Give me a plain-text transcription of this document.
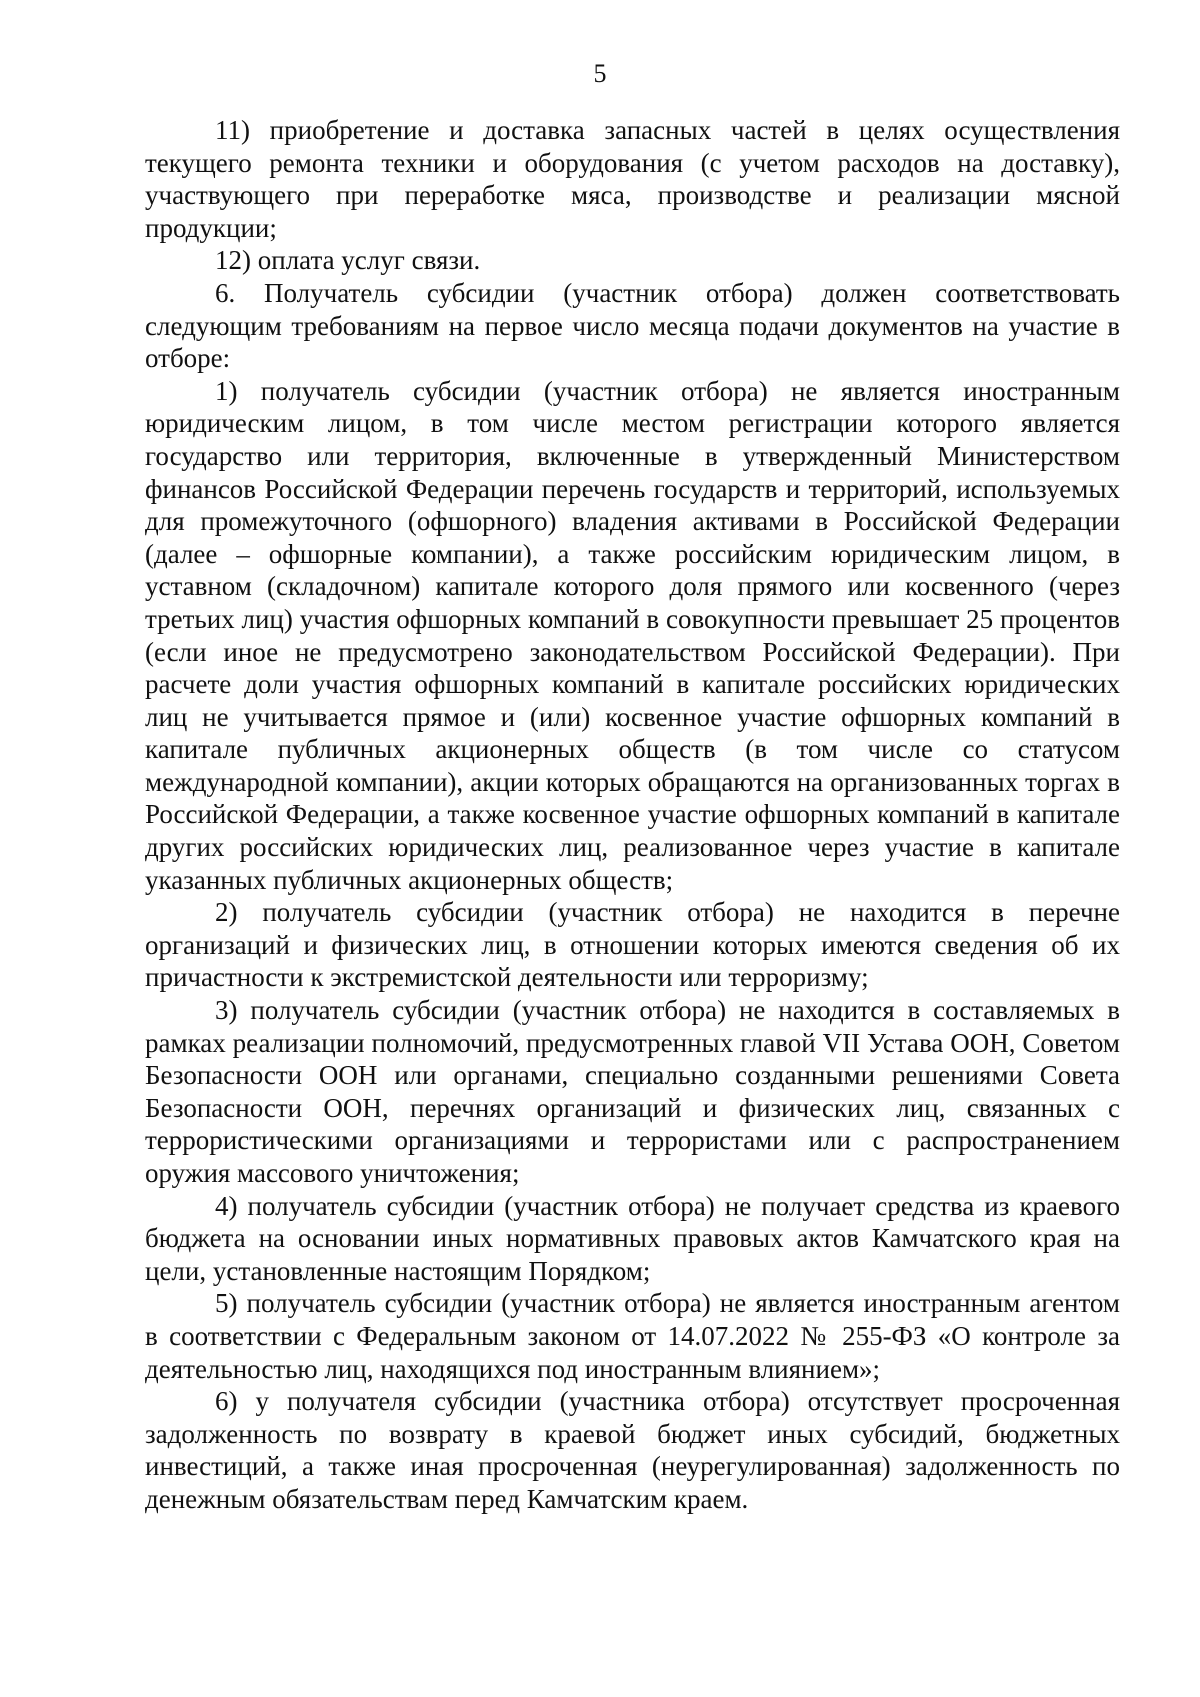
5

11) приобретение и доставка запасных частей в целях осуществления текущего ремонта техники и оборудования (с учетом расходов на доставку), участвующего при переработке мяса, производстве и реализации мясной продукции;

12) оплата услуг связи.

6. Получатель субсидии (участник отбора) должен соответствовать следующим требованиям на первое число месяца подачи документов на участие в отборе:

1) получатель субсидии (участник отбора) не является иностранным юридическим лицом, в том числе местом регистрации которого является государство или территория, включенные в утвержденный Министерством финансов Российской Федерации перечень государств и территорий, используемых для промежуточного (офшорного) владения активами в Российской Федерации (далее – офшорные компании), а также российским юридическим лицом, в уставном (складочном) капитале которого доля прямого или косвенного (через третьих лиц) участия офшорных компаний в совокупности превышает 25 процентов (если иное не предусмотрено законодательством Российской Федерации). При расчете доли участия офшорных компаний в капитале российских юридических лиц не учитывается прямое и (или) косвенное участие офшорных компаний в капитале публичных акционерных обществ (в том числе со статусом международной компании), акции которых обращаются на организованных торгах в Российской Федерации, а также косвенное участие офшорных компаний в капитале других российских юридических лиц, реализованное через участие в капитале указанных публичных акционерных обществ;

2) получатель субсидии (участник отбора) не находится в перечне организаций и физических лиц, в отношении которых имеются сведения об их причастности к экстремистской деятельности или терроризму;

3) получатель субсидии (участник отбора) не находится в составляемых в рамках реализации полномочий, предусмотренных главой VII Устава ООН, Советом Безопасности ООН или органами, специально созданными решениями Совета Безопасности ООН, перечнях организаций и физических лиц, связанных с террористическими организациями и террористами или с распространением оружия массового уничтожения;

4) получатель субсидии (участник отбора) не получает средства из краевого бюджета на основании иных нормативных правовых актов Камчатского края на цели, установленные настоящим Порядком;

5) получатель субсидии (участник отбора) не является иностранным агентом в соответствии с Федеральным законом от 14.07.2022 № 255-ФЗ «О контроле за деятельностью лиц, находящихся под иностранным влиянием»;

6) у получателя субсидии (участника отбора) отсутствует просроченная задолженность по возврату в краевой бюджет иных субсидий, бюджетных инвестиций, а также иная просроченная (неурегулированная) задолженность по денежным обязательствам перед Камчатским краем.
